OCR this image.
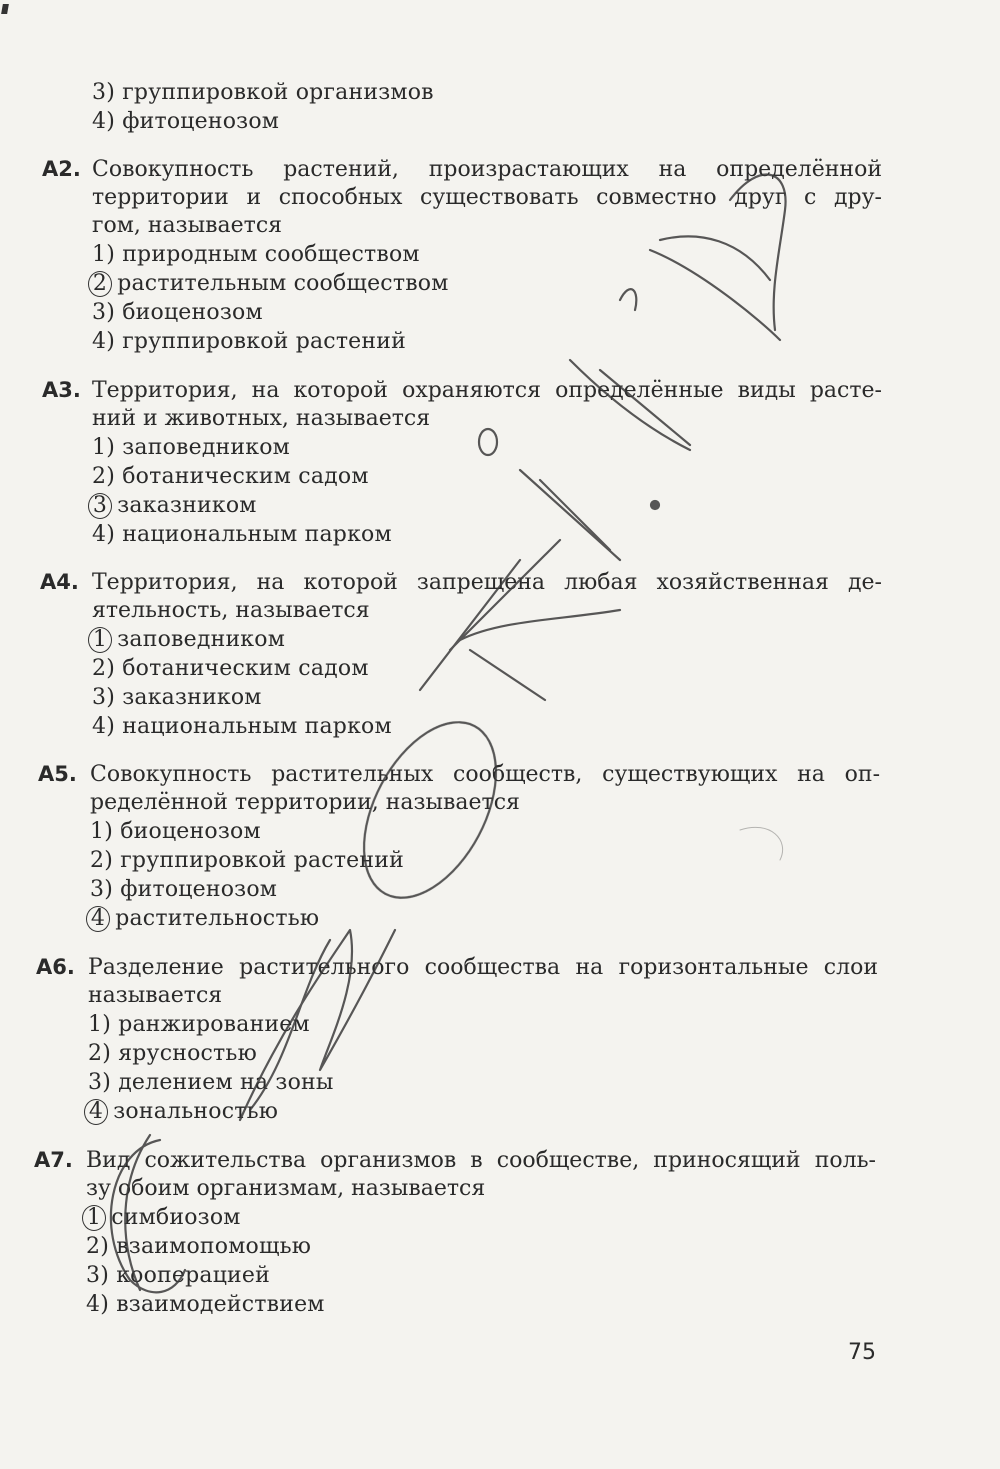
3) группировкой организмов
4) фитоценозом
А2. Совокупность растений, произрастающих на определённой
территории и способных существовать совместно друг с дру-
гом, называется
1) природным сообществом
2 растительным сообществом
3) биоценозом
4) группировкой растений
А3. Территория, на которой охраняются определённые виды расте-
ний и животных, называется
1) заповедником
2) ботаническим садом
3 заказником
4) национальным парком
А4. Территория, на которой запрещена любая хозяйственная де-
ятельность, называется
1 заповедником
2) ботаническим садом
3) заказником
4) национальным парком
А5. Совокупность растительных сообществ, существующих на оп-
ределённой территории, называется
1) биоценозом
2) группировкой растений
3) фитоценозом
4 растительностью
А6. Разделение растительного сообщества на горизонтальные слои
называется
1) ранжированием
2) ярусностью
3) делением на зоны
4 зональностью
А7. Вид сожительства организмов в сообществе, приносящий поль-
зу обоим организмам, называется
1 симбиозом
2) взаимопомощью
3) кооперацией
4) взаимодействием
75
